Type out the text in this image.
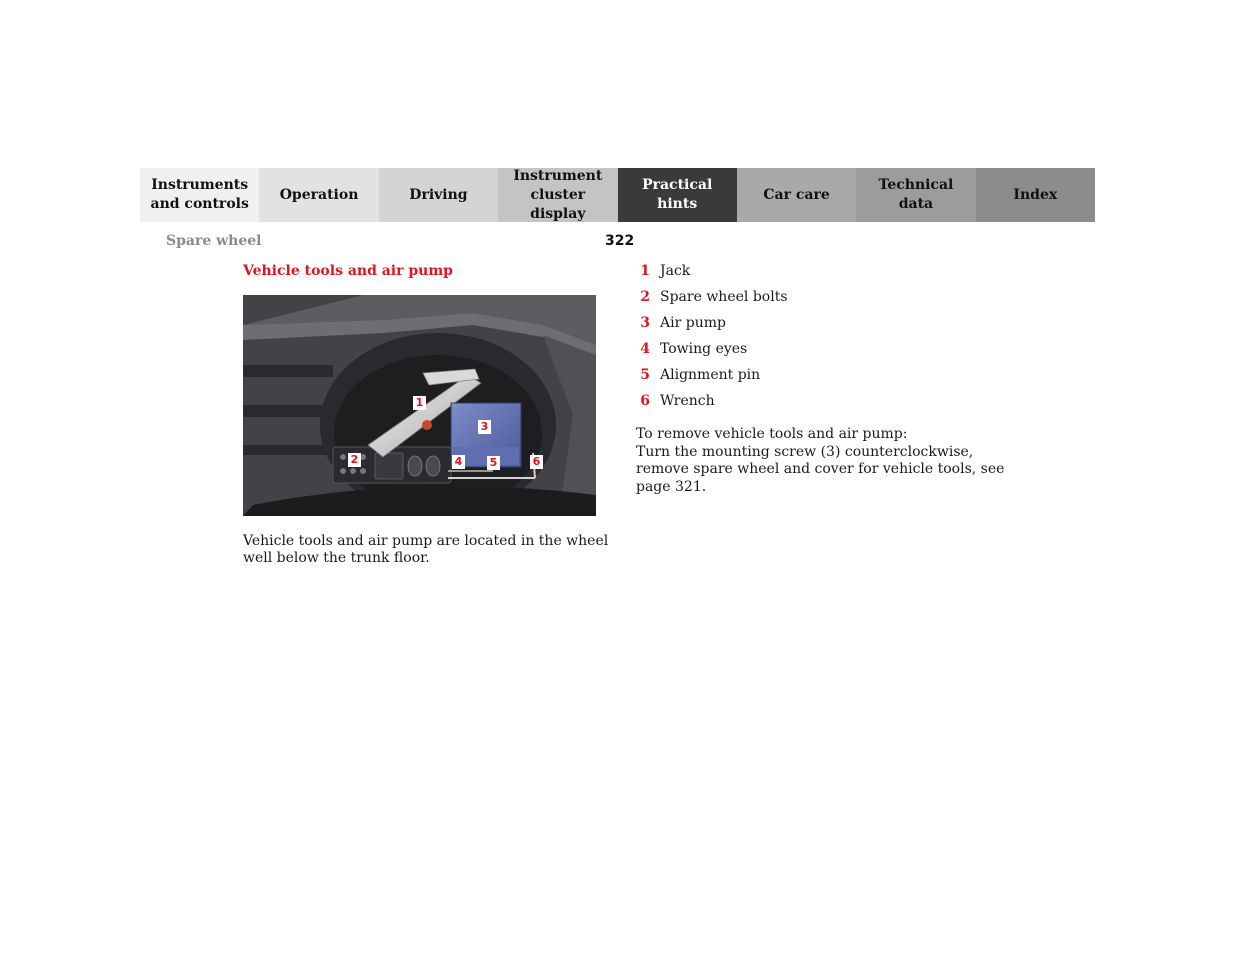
Instruments
and controls
Operation	Driving
Instrument
cluster display
Practical hints
Car care
Technical
data
Index
Spare wheel	322
Vehicle tools and air pump
1
2
3
4 5	6
Vehicle tools and air pump are located in the wheel well below the trunk floor.
1 Jack
2 Spare wheel bolts
3 Air pump
4 Towing eyes
5 Alignment pin
6 Wrench

To remove vehicle tools and air pump:

Turn the mounting screw (3) counterclockwise, remove spare wheel and cover for vehicle tools, see page 321.
